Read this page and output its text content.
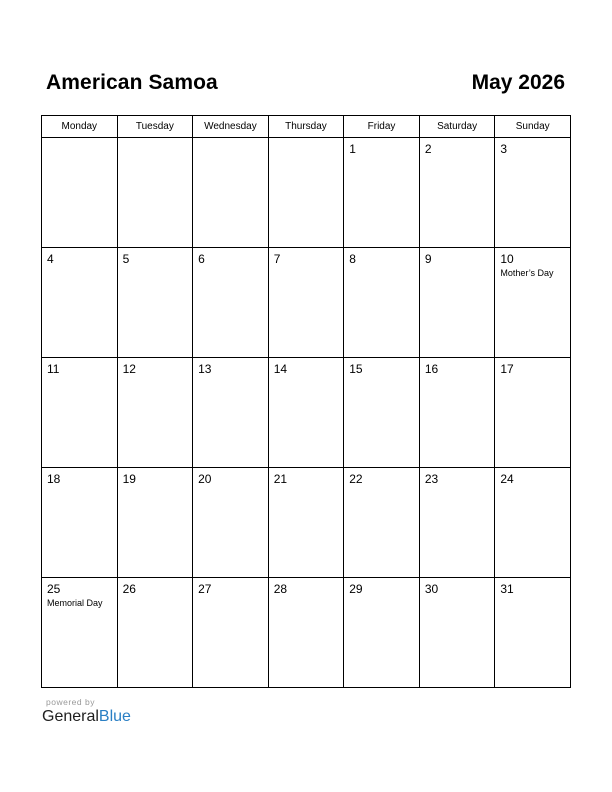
American Samoa	May 2026
Monday	Tuesday	Wednesday	Thursday	Friday	Saturday	Sunday

				1	2	3

4	5	6	7	8	9	10
Mother’s Day

11	12	13	14	15	16	17

18	19	20	21	22	23	24

25
Memorial Day	26	27	28	29	30	31
powered by
GeneralBlue
